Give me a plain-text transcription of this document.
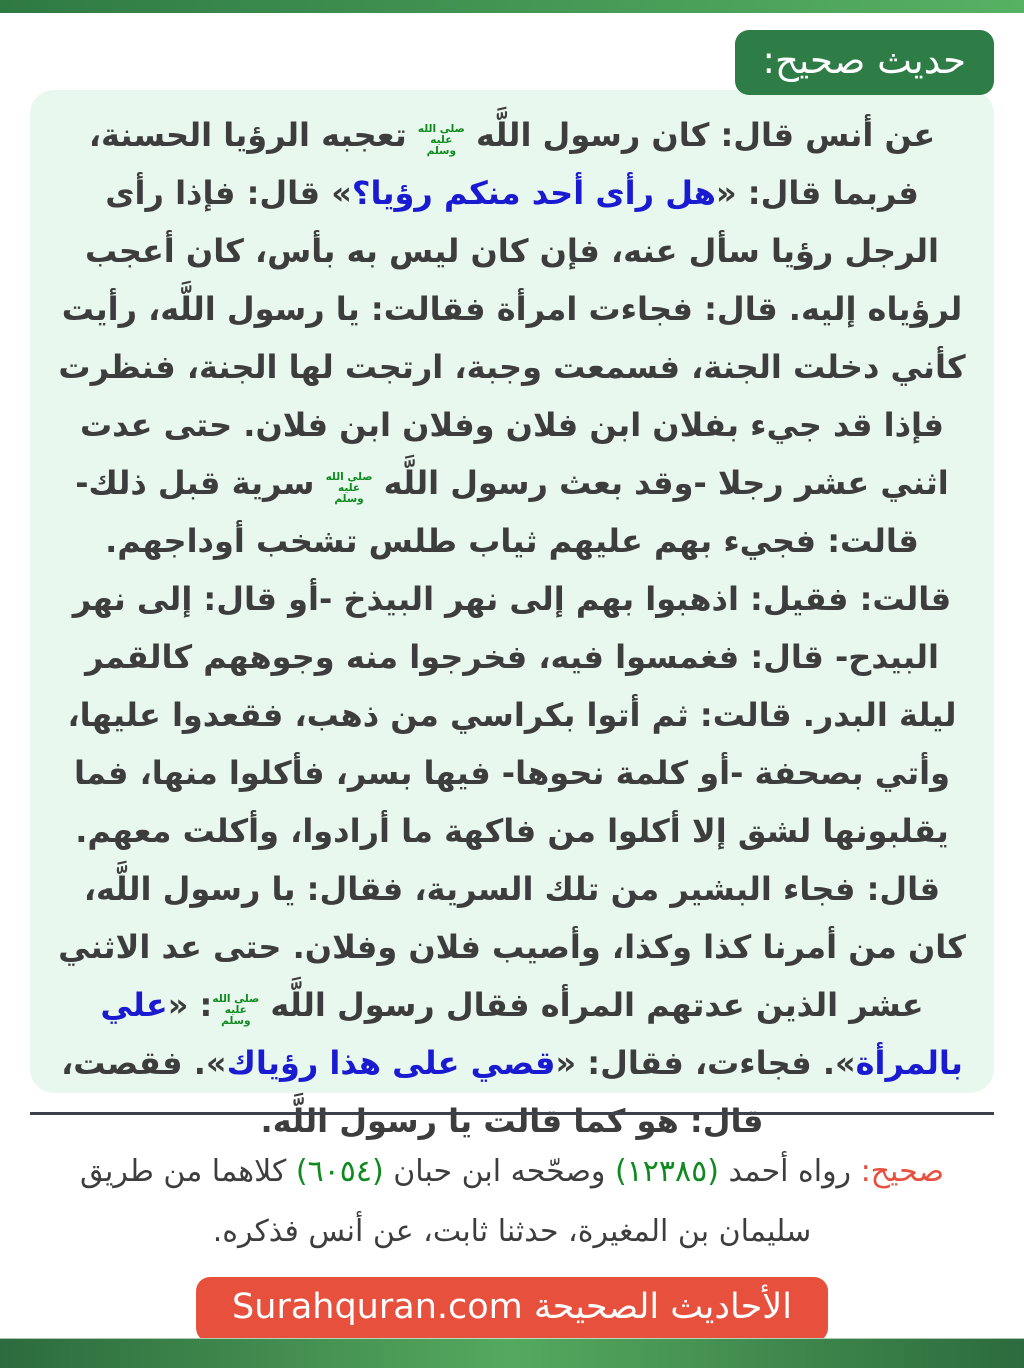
حديث صحيح:
عن أنس قال: كان رسول اللَّه
صلى الله
عليه
وسلم
تعجبه الرؤيا الحسنة، فربما قال: «هل رأى أحد منكم رؤيا؟» قال: فإذا رأى الرجل رؤيا سأل عنه، فإن كان ليس به بأس، كان أعجب لرؤياه إليه. قال: فجاءت امرأة فقالت: يا رسول اللَّه، رأيت كأني دخلت الجنة، فسمعت وجبة، ارتجت لها الجنة، فنظرت فإذا قد جيء بفلان ابن فلان وفلان ابن فلان. حتى عدت اثني عشر رجلا -وقد بعث رسول اللَّه
صلى الله
عليه
وسلم
سرية قبل ذلك- قالت: فجيء بهم عليهم ثياب طلس تشخب أوداجهم. قالت: فقيل: اذهبوا بهم إلى نهر البيذخ -أو قال: إلى نهر البيدح- قال: فغمسوا فيه، فخرجوا منه وجوههم كالقمر ليلة البدر. قالت: ثم أتوا بكراسي من ذهب، فقعدوا عليها، وأتي بصحفة -أو كلمة نحوها- فيها بسر، فأكلوا منها، فما يقلبونها لشق إلا أكلوا من فاكهة ما أرادوا، وأكلت معهم. قال: فجاء البشير من تلك السرية، فقال: يا رسول اللَّه، كان من أمرنا كذا وكذا، وأصيب فلان وفلان. حتى عد الاثني عشر الذين عدتهم المرأه فقال رسول اللَّه
صلى الله
عليه
وسلم
: «علي بالمرأة». فجاءت، فقال: «قصي على هذا رؤياك». فقصت، قال: هو كما قالت يا رسول اللَّه.
صحيح: رواه أحمد (١٢٣٨٥) وصحّحه ابن حبان (٦٠٥٤) كلاهما من طريق سليمان بن المغيرة، حدثنا ثابت، عن أنس فذكره.
الأحاديث الصحيحة Surahquran.com
